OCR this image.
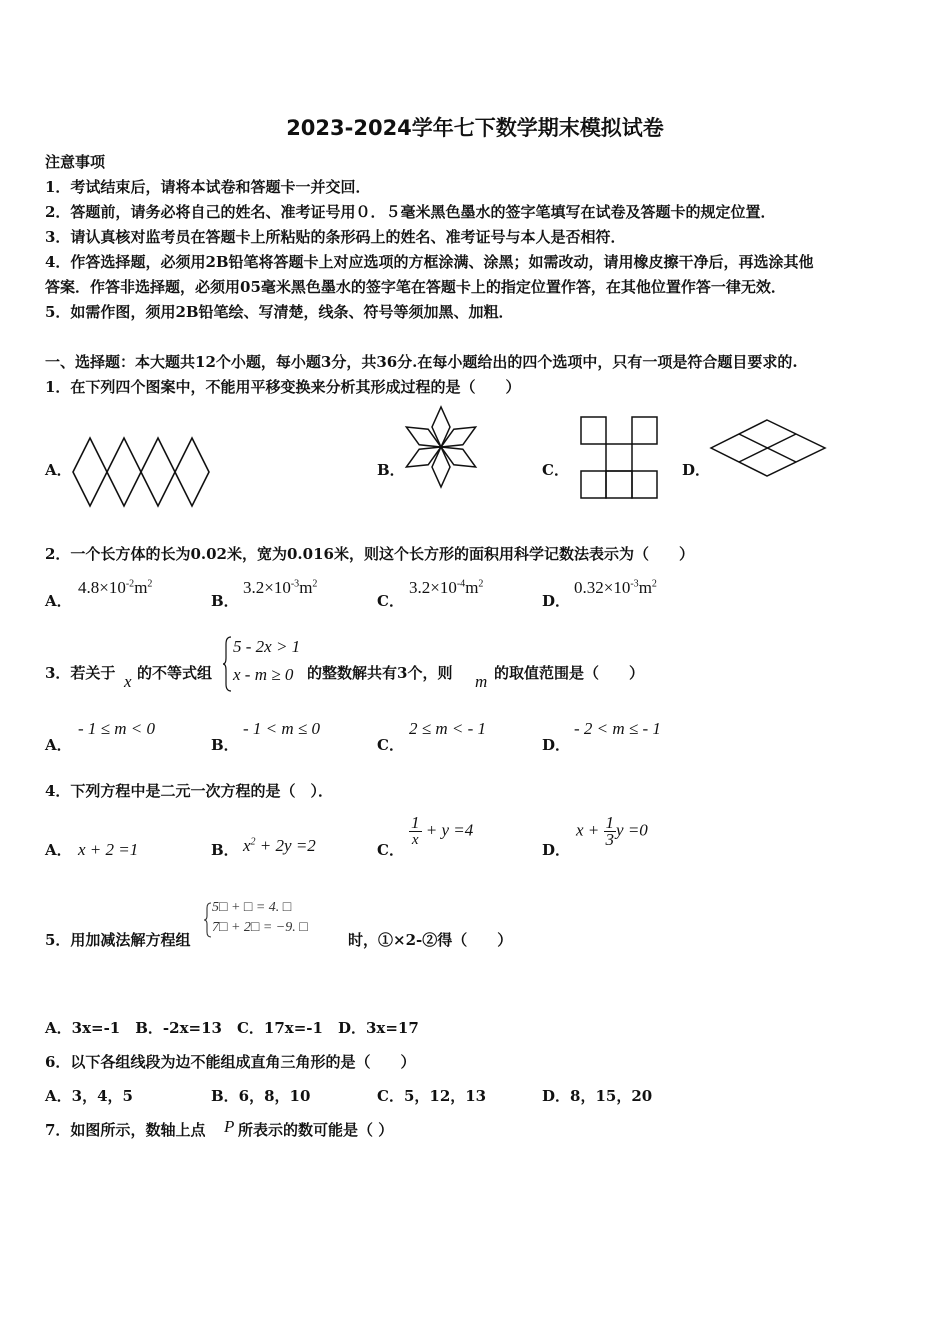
2023-2024学年七下数学期末模拟试卷
注意事项
1．考试结束后，请将本试卷和答题卡一并交回．
2．答题前，请务必将自己的姓名、准考证号用０．５毫米黑色墨水的签字笔填写在试卷及答题卡的规定位置．
3．请认真核对监考员在答题卡上所粘贴的条形码上的姓名、准考证号与本人是否相符．
4．作答选择题，必须用2B铅笔将答题卡上对应选项的方框涂满、涂黑；如需改动，请用橡皮擦干净后，再选涂其他
答案．作答非选择题，必须用05毫米黑色墨水的签字笔在答题卡上的指定位置作答，在其他位置作答一律无效．
5．如需作图，须用2B铅笔绘、写清楚，线条、符号等须加黑、加粗．
一、选择题：本大题共12个小题，每小题3分，共36分.在每小题给出的四个选项中，只有一项是符合题目要求的.
1．在下列四个图案中，不能用平移变换来分析其形成过程的是（　　）
A．	B．	C．	D．
2．一个长方体的长为0.02米，宽为0.016米，则这个长方形的面积用科学记数法表示为（　　）
A．
$4.8\times 10^{-2}m^2$
B．
$3.2\times 10^{-3}m^2$
C．
$3.2\times 10^{-4}m^2$
D．
$0.32\times 10^{-3}m^2$
3．若关于 x 的不等式组
5 - 2x > 1
x - m ≥ 0 的整数解共有3个，则 m 的取值范围是（　　）
A．
- 1 ≤ m < 0
B．
- 1 < m ≤ 0
C．
2 ≤ m < - 1
D．
- 2 < m ≤ - 1
4．下列方程中是二元一次方程的是（　）．
A． x + 2 =1	B． $x^2 + 2y =2$	C．
$\frac{1}{x} + y =4$
D．
$x + \frac{1}{3}$ y =0
5．用加减法解方程组
5□ + □ = 4. □
7□ + 2□ = −9. □
时，①×2-②得（　　）
A．3x=-1　B．-2x=13　C．17x=-1　D．3x=17
6．以下各组线段为边不能组成直角三角形的是（　　）
A．3，4，5	B．6，8，10	C．5，12，13	D．8，15，20
7．如图所示，数轴上点 P 所表示的数可能是（ ）
